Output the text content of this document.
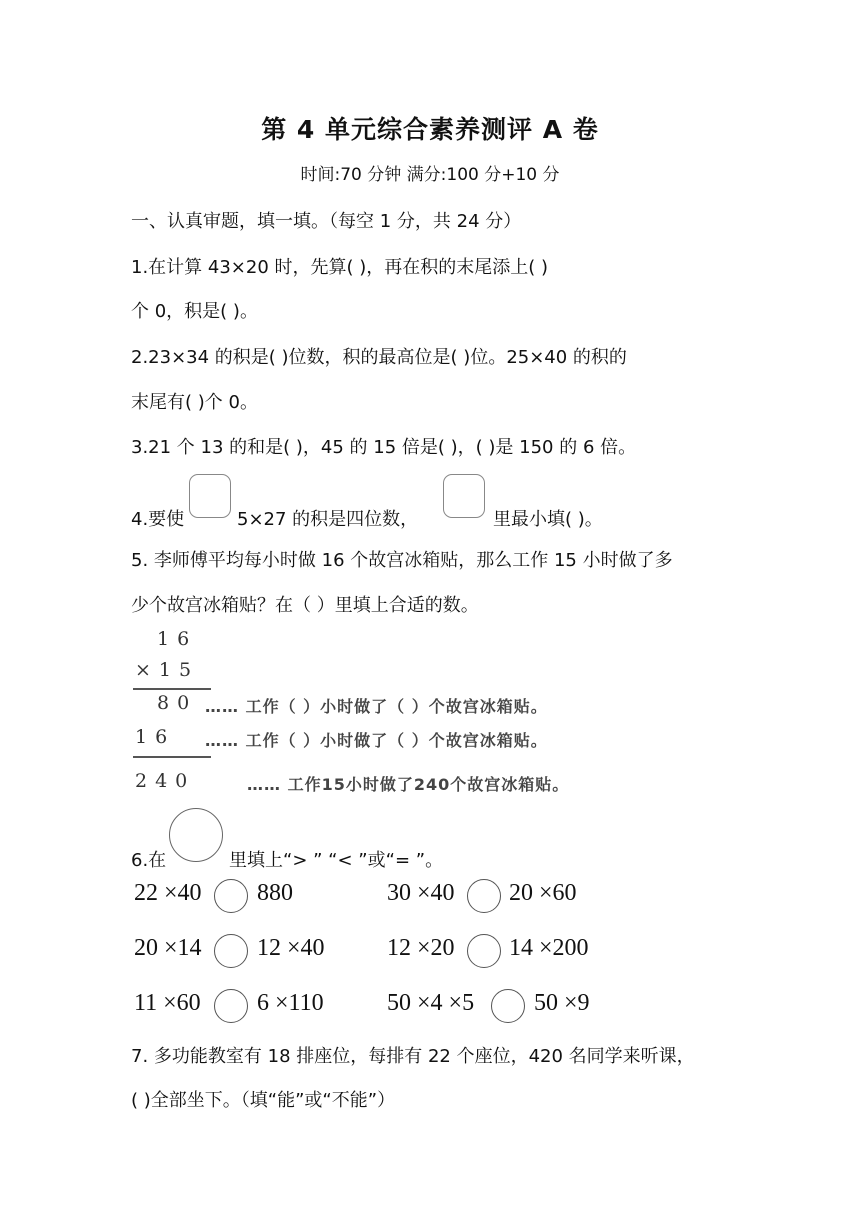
第 4 单元综合素养测评 A 卷
时间:70 分钟 满分:100 分+10 分
一、认真审题，填一填。（每空 1 分，共 24 分）
1.在计算 43×20 时，先算( )，再在积的末尾添上( )
个 0，积是( )。
2.23×34 的积是( )位数，积的最高位是( )位。25×40 的积的
末尾有( )个 0。
3.21 个 13 的和是( )，45 的 15 倍是( )，( )是 150 的 6 倍。
4.要使	5×27 的积是四位数，	里最小填( )。
5. 李师傅平均每小时做 16 个故宫冰箱贴，那么工作 15 小时做了多
少个故宫冰箱贴？在（ ）里填上合适的数。
16
×15
80 …… 工作（ ）小时做了（ ）个故宫冰箱贴。
16 …… 工作（ ）小时做了（ ）个故宫冰箱贴。
240	…… 工作15小时做了240个故宫冰箱贴。
6.在	里填上“> ” “< ”或“= ”。
22 ×40 880	30 ×40 20 ×60
20 ×14 12 ×40	12 ×20 14 ×200
11 ×60 6 ×110	50 ×4 ×5 50 ×9
7. 多功能教室有 18 排座位，每排有 22 个座位，420 名同学来听课，
( )全部坐下。（填“能”或“不能”）
